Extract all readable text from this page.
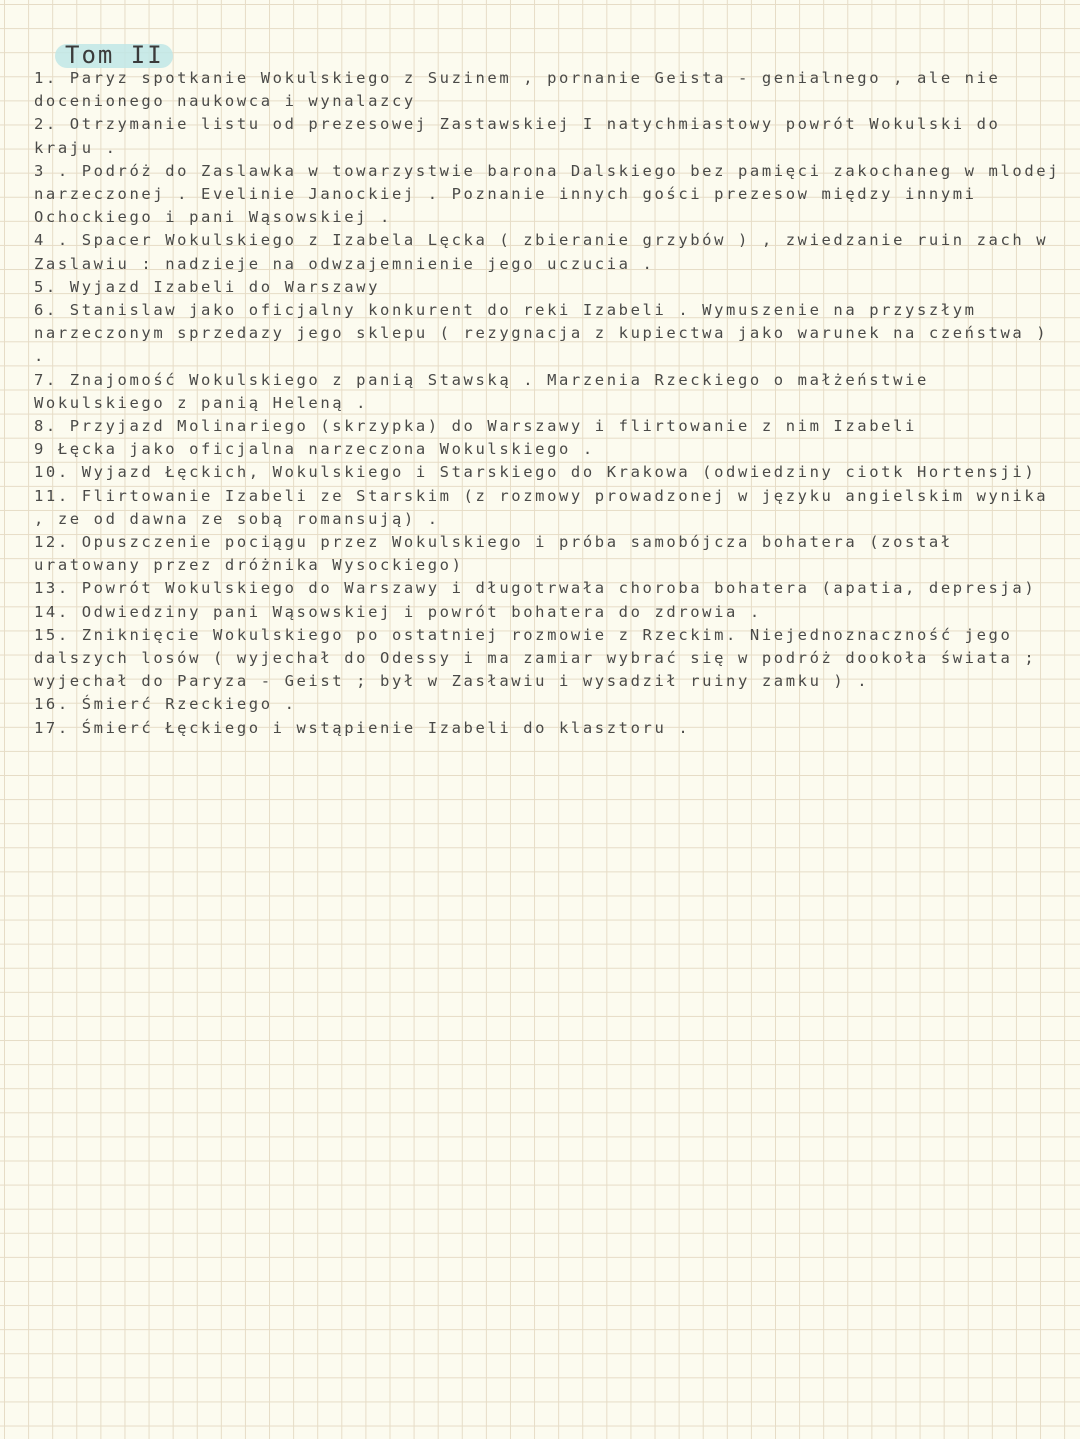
Tom II
1. Paryz spotkanie Wokulskiego z Suzinem , pornanie Geista - genialnego , ale nie docenionego naukowca i wynalazcy
2. Otrzymanie listu od prezesowej Zastawskiej I natychmiastowy powrót Wokulski do kraju .
3 . Podróż do Zaslawka w towarzystwie barona Dalskiego bez pamięci zakochaneg w mlodej narzeczonej . Evelinie Janockiej . Poznanie innych gości prezesow między innymi Ochockiego i pani Wąsowskiej .
4 . Spacer Wokulskiego z Izabela Lęcka ( zbieranie grzybów ) , zwiedzanie ruin zach w Zaslawiu : nadzieje na odwzajemnienie jego uczucia .
5. Wyjazd Izabeli do Warszawy
6. Stanislaw jako oficjalny konkurent do reki Izabeli . Wymuszenie na przyszłym narzeczonym sprzedazy jego sklepu ( rezygnacja z kupiectwa jako warunek na czeństwa ) .
7. Znajomość Wokulskiego z panią Stawską . Marzenia Rzeckiego o małżeństwie Wokulskiego z panią Heleną .
8. Przyjazd Molinariego (skrzypka) do Warszawy i flirtowanie z nim Izabeli
9 Łęcka jako oficjalna narzeczona Wokulskiego .
10. Wyjazd Łęckich, Wokulskiego i Starskiego do Krakowa (odwiedziny ciotk Hortensji)
11. Flirtowanie Izabeli ze Starskim (z rozmowy prowadzonej w języku angielskim wynika , ze od dawna ze sobą romansują) .
12. Opuszczenie pociągu przez Wokulskiego i próba samobójcza bohatera (został uratowany przez dróżnika Wysockiego)
13. Powrót Wokulskiego do Warszawy i długotrwała choroba bohatera (apatia, depresja)
14. Odwiedziny pani Wąsowskiej i powrót bohatera do zdrowia .
15. Zniknięcie Wokulskiego po ostatniej rozmowie z Rzeckim. Niejednoznaczność jego dalszych losów ( wyjechał do Odessy i ma zamiar wybrać się w podróż dookoła świata ; wyjechał do Paryza - Geist ; był w Zasławiu i wysadził ruiny zamku ) .
16. Śmierć Rzeckiego .
17. Śmierć Łęckiego i wstąpienie Izabeli do klasztoru .
